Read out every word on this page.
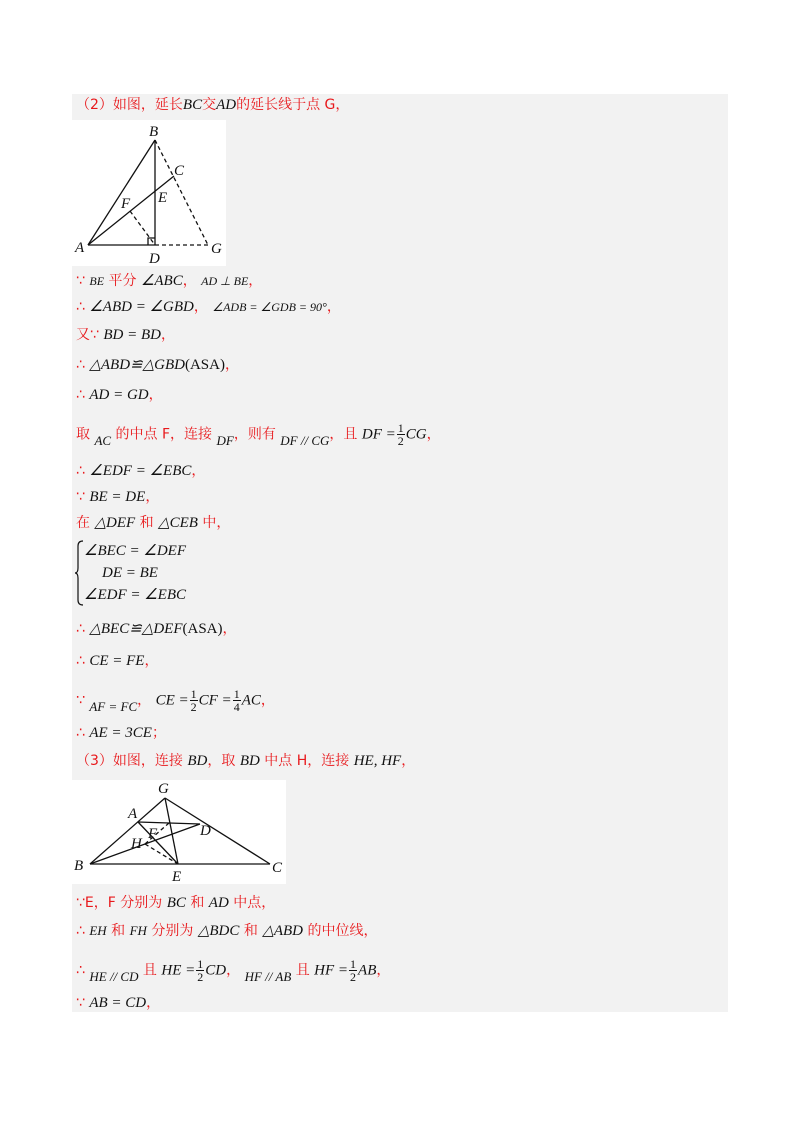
（2）如图，延长BC交AD的延长线于点 G，
B
C
F E
A
D
G
∵ BE 平分 ∠ABC， AD ⊥ BE，
∴ ∠ABD = ∠GBD， ∠ADB = ∠GDB = 90°，
又∵ BD = BD，
∴ △ABD≌△GBD(ASA)，
∴ AD = GD，
取 AC 的中点 F，连接 DF，则有 DF // CG，且 DF = $\frac{1}{2}$ CG，
∴ ∠EDF = ∠EBC，
∵ BE = DE，
在 △DEF 和 △CEB 中，
∠BEC = ∠DEF
DE = BE
∠EDF = ∠EBC
∴ △BEC≌△DEF(ASA)，
∴ CE = FE，
∵ AF = FC， CE = $\frac{1}{2}$ CF = $\frac{1}{4}$ AC，
∴ AE = 3CE；
（3）如图，连接 BD，取 BD 中点 H，连接 HE, HF，
G
A
F	D
H
B
E
C
∵E，F 分别为 BC 和 AD 中点，
∴ EH 和 FH 分别为 △BDC 和 △ABD 的中位线，
∴ HE // CD 且 HE = $\frac{1}{2}$ CD， HF // AB 且 HF = $\frac{1}{2}$ AB，
∵ AB = CD，
